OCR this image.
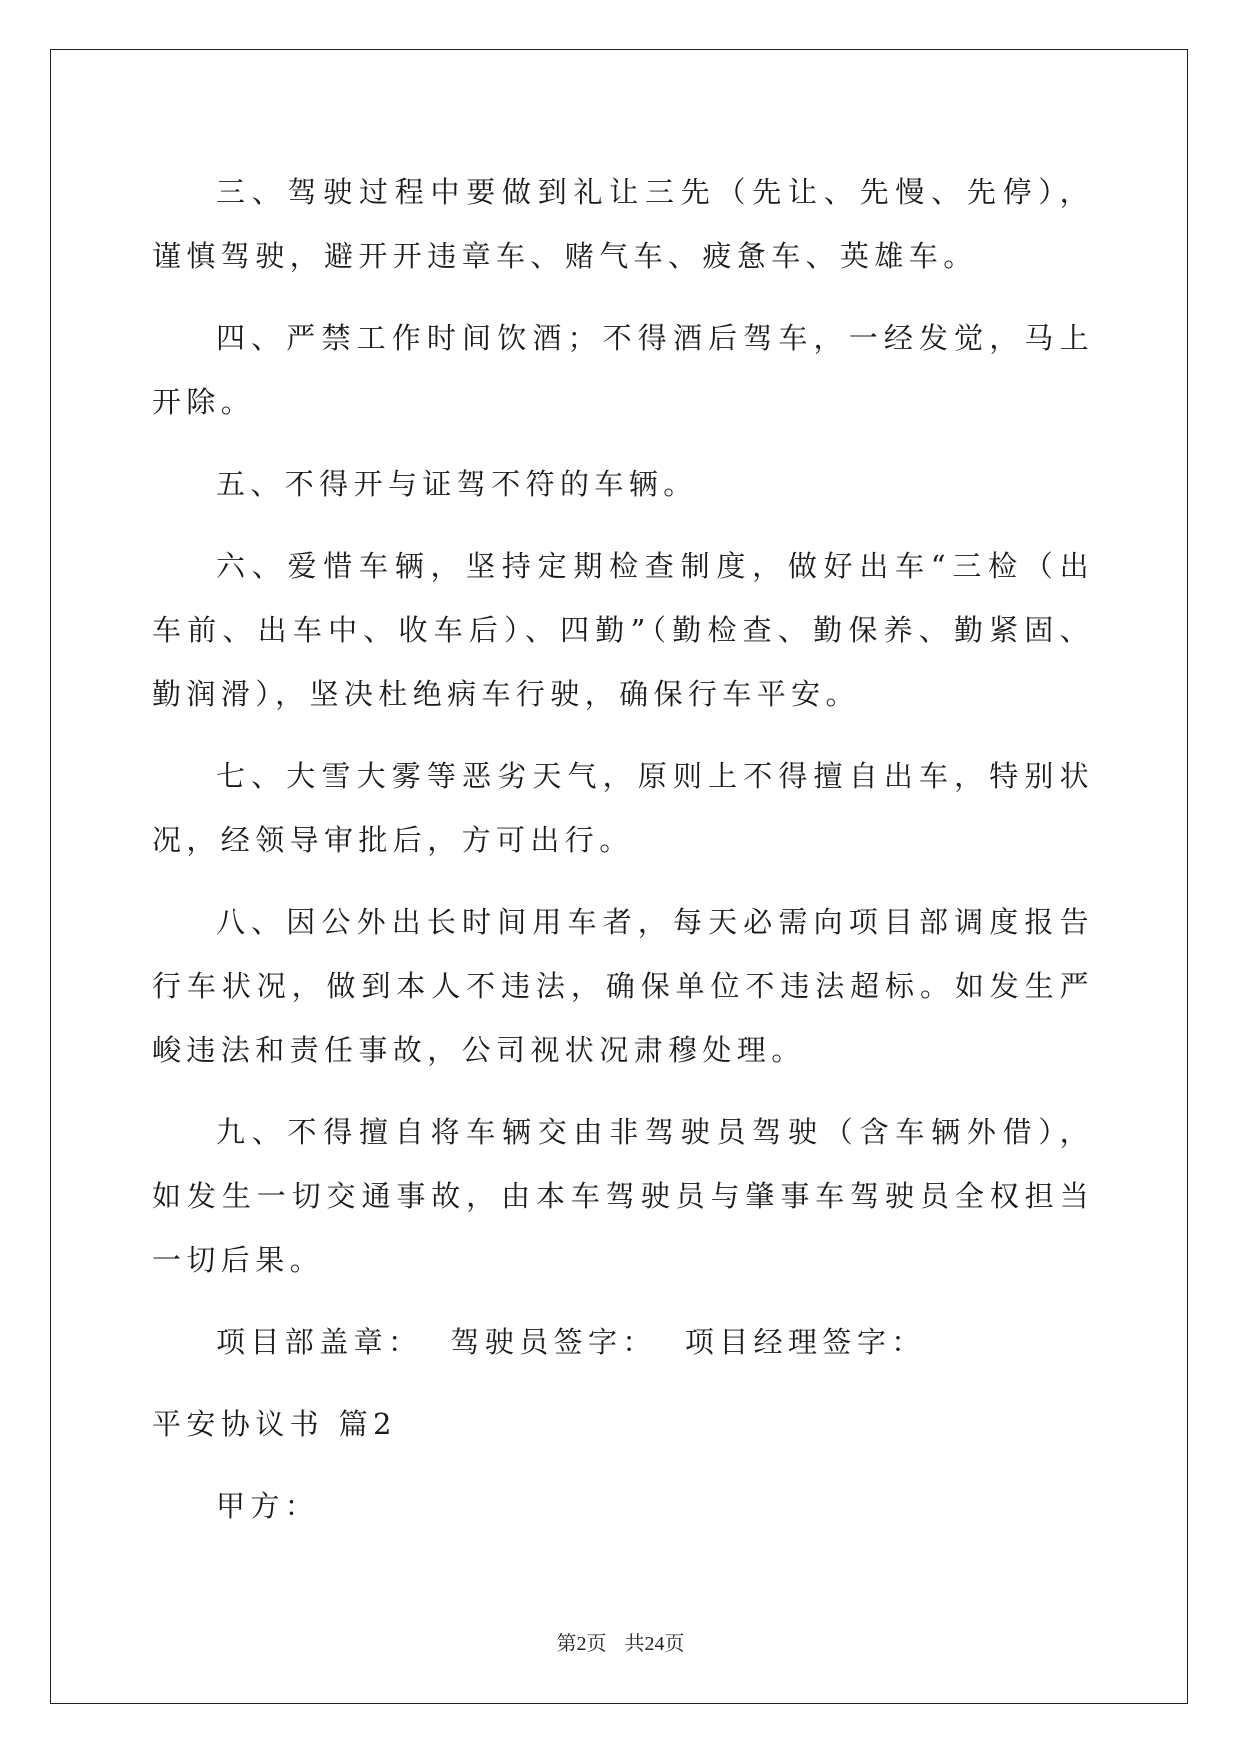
三、驾驶过程中要做到礼让三先（先让、先慢、先停），谨慎驾驶，避开开违章车、赌气车、疲惫车、英雄车。

四、严禁工作时间饮酒；不得酒后驾车，一经发觉，马上开除。

五、不得开与证驾不符的车辆。

六、爱惜车辆，坚持定期检查制度，做好出车“三检（出车前、出车中、收车后）、四勤”（勤检查、勤保养、勤紧固、勤润滑），坚决杜绝病车行驶，确保行车平安。

七、大雪大雾等恶劣天气，原则上不得擅自出车，特别状况，经领导审批后，方可出行。

八、因公外出长时间用车者，每天必需向项目部调度报告行车状况，做到本人不违法，确保单位不违法超标。如发生严峻违法和责任事故，公司视状况肃穆处理。

九、不得擅自将车辆交由非驾驶员驾驶（含车辆外借），如发生一切交通事故，由本车驾驶员与肇事车驾驶员全权担当一切后果。

项目部盖章： 驾驶员签字： 项目经理签字：

平安协议书 篇2

甲方：

第2页 共24页
